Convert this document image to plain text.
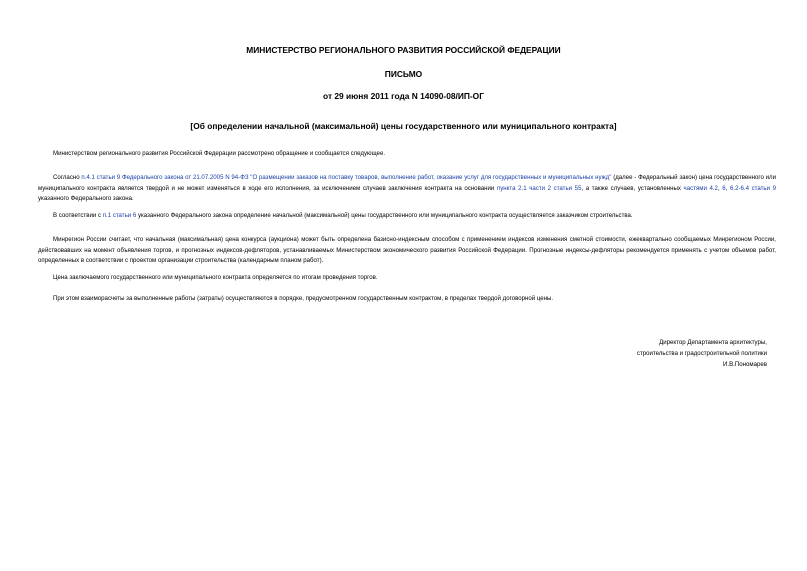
МИНИСТЕРСТВО РЕГИОНАЛЬНОГО РАЗВИТИЯ РОССИЙСКОЙ ФЕДЕРАЦИИ
ПИСЬМО
от 29 июня 2011 года N 14090-08/ИП-ОГ
[Об определении начальной (максимальной) цены государственного или муниципального контракта]
Министерством регионального развития Российской Федерации рассмотрено обращение и сообщается следующее.
Согласно п.4.1 статьи 9 Федерального закона от 21.07.2005 N 94-ФЗ "О размещении заказов на поставку товаров, выполнение работ, оказание услуг для государственных и муниципальных нужд" (далее - Федеральный закон) цена государственного или муниципального контракта является твердой и не может изменяться в ходе его исполнения, за исключением случаев заключения контракта на основании пункта 2.1 части 2 статьи 55, а также случаев, установленных частями 4.2, 6, 6.2-6.4 статьи 9 указанного Федерального закона.
В соответствии с п.1 статьи 6 указанного Федерального закона определение начальной (максимальной) цены государственного или муниципального контракта осуществляется заказчиком строительства.
Минрегион России считает, что начальная (максимальная) цена конкурса (аукциона) может быть определена базисно-индексным способом с применением индексов изменения сметной стоимости, ежеквартально сообщаемых Минрегионом России, действовавших на момент объявления торгов, и прогнозных индексов-дефляторов, устанавливаемых Министерством экономического развития Российской Федерации. Прогнозные индексы-дефляторы рекомендуется применять с учетом объемов работ, определенных в соответствии с проектом организации строительства (календарным планом работ).
Цена заключаемого государственного или муниципального контракта определяется по итогам проведения торгов.
При этом взаиморасчеты за выполненные работы (затраты) осуществляются в порядке, предусмотренном государственным контрактом, в пределах твердой договорной цены.
Директор Департамента архитектуры,
строительства и градостроительной политики
И.В.Пономарев
